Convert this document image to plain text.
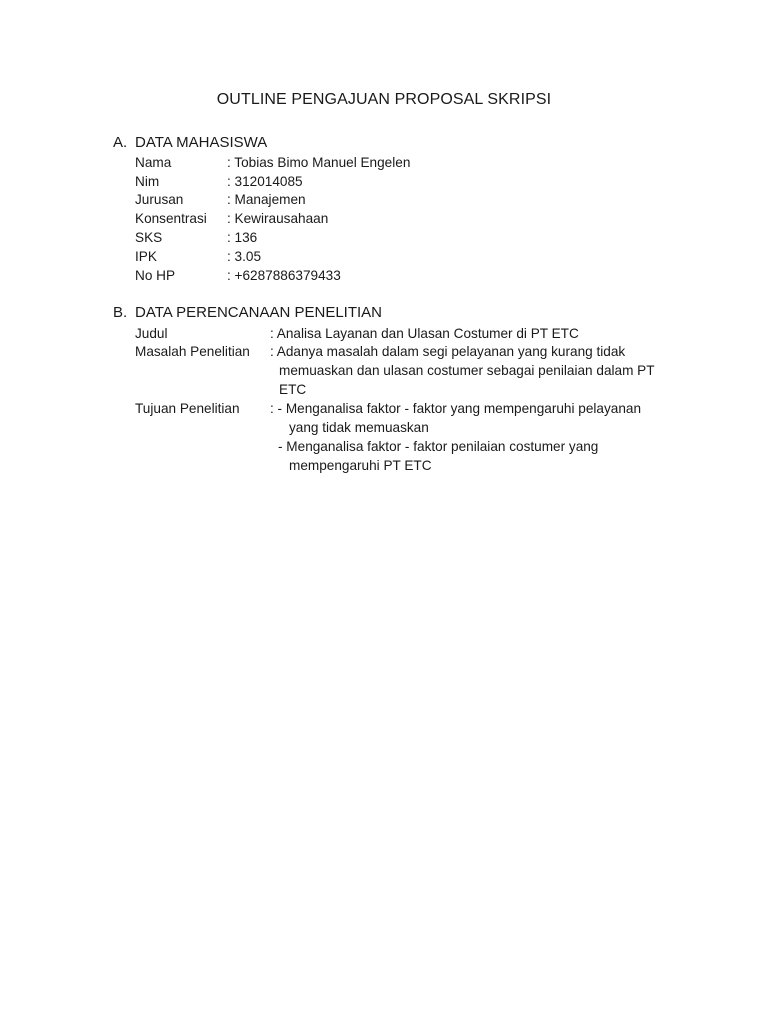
OUTLINE PENGAJUAN PROPOSAL SKRIPSI
A. DATA MAHASISWA
Nama	: Tobias Bimo Manuel Engelen
Nim	: 312014085
Jurusan	: Manajemen
Konsentrasi : Kewirausahaan
SKS	: 136
IPK	: 3.05
No HP	: +6287886379433
B. DATA PERENCANAAN PENELITIAN
Judul	: Analisa Layanan dan Ulasan Costumer di PT ETC
Masalah Penelitian : Adanya masalah dalam segi pelayanan yang kurang tidak
memuaskan dan ulasan costumer sebagai penilaian dalam PT
ETC
Tujuan Penelitian : - Menganalisa faktor - faktor yang mempengaruhi pelayanan
yang tidak memuaskan
- Menganalisa faktor - faktor penilaian costumer yang
mempengaruhi PT ETC
